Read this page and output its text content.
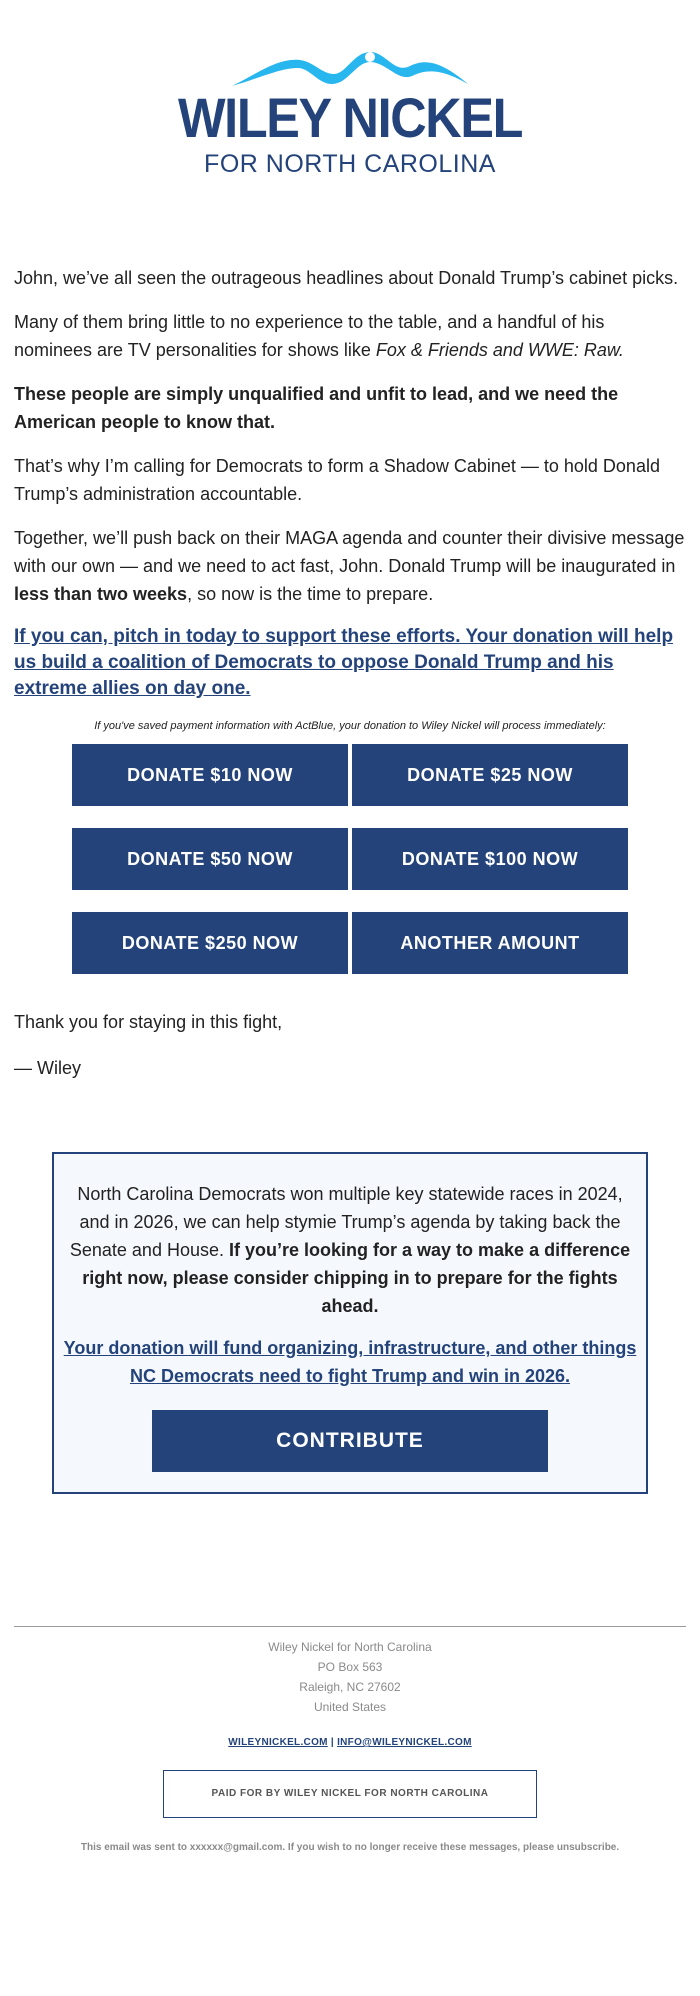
WILEY NICKEL
FOR NORTH CAROLINA

John, we’ve all seen the outrageous headlines about Donald Trump’s cabinet picks.

Many of them bring little to no experience to the table, and a handful of his nominees are TV personalities for shows like Fox & Friends and WWE: Raw.

These people are simply unqualified and unfit to lead, and we need the American people to know that.

That’s why I’m calling for Democrats to form a Shadow Cabinet — to hold Donald Trump’s administration accountable.

Together, we’ll push back on their MAGA agenda and counter their divisive message with our own — and we need to act fast, John. Donald Trump will be inaugurated in less than two weeks, so now is the time to prepare.

If you can, pitch in today to support these efforts. Your donation will help us build a coalition of Democrats to oppose Donald Trump and his extreme allies on day one.
If you've saved payment information with ActBlue, your donation to Wiley Nickel will process immediately:
DONATE $10 NOW	DONATE $25 NOW
DONATE $50 NOW	DONATE $100 NOW
DONATE $250 NOW	ANOTHER AMOUNT

Thank you for staying in this fight,

— Wiley

North Carolina Democrats won multiple key statewide races in 2024, and in 2026, we can help stymie Trump’s agenda by taking back the Senate and House. If you’re looking for a way to make a difference right now, please consider chipping in to prepare for the fights ahead.

Your donation will fund organizing, infrastructure, and other things NC Democrats need to fight Trump and win in 2026.
CONTRIBUTE
Wiley Nickel for North Carolina
PO Box 563
Raleigh, NC 27602
United States
WILEYNICKEL.COM | INFO@WILEYNICKEL.COM
PAID FOR BY WILEY NICKEL FOR NORTH CAROLINA
This email was sent to xxxxxx@gmail.com. If you wish to no longer receive these messages, please unsubscribe.
